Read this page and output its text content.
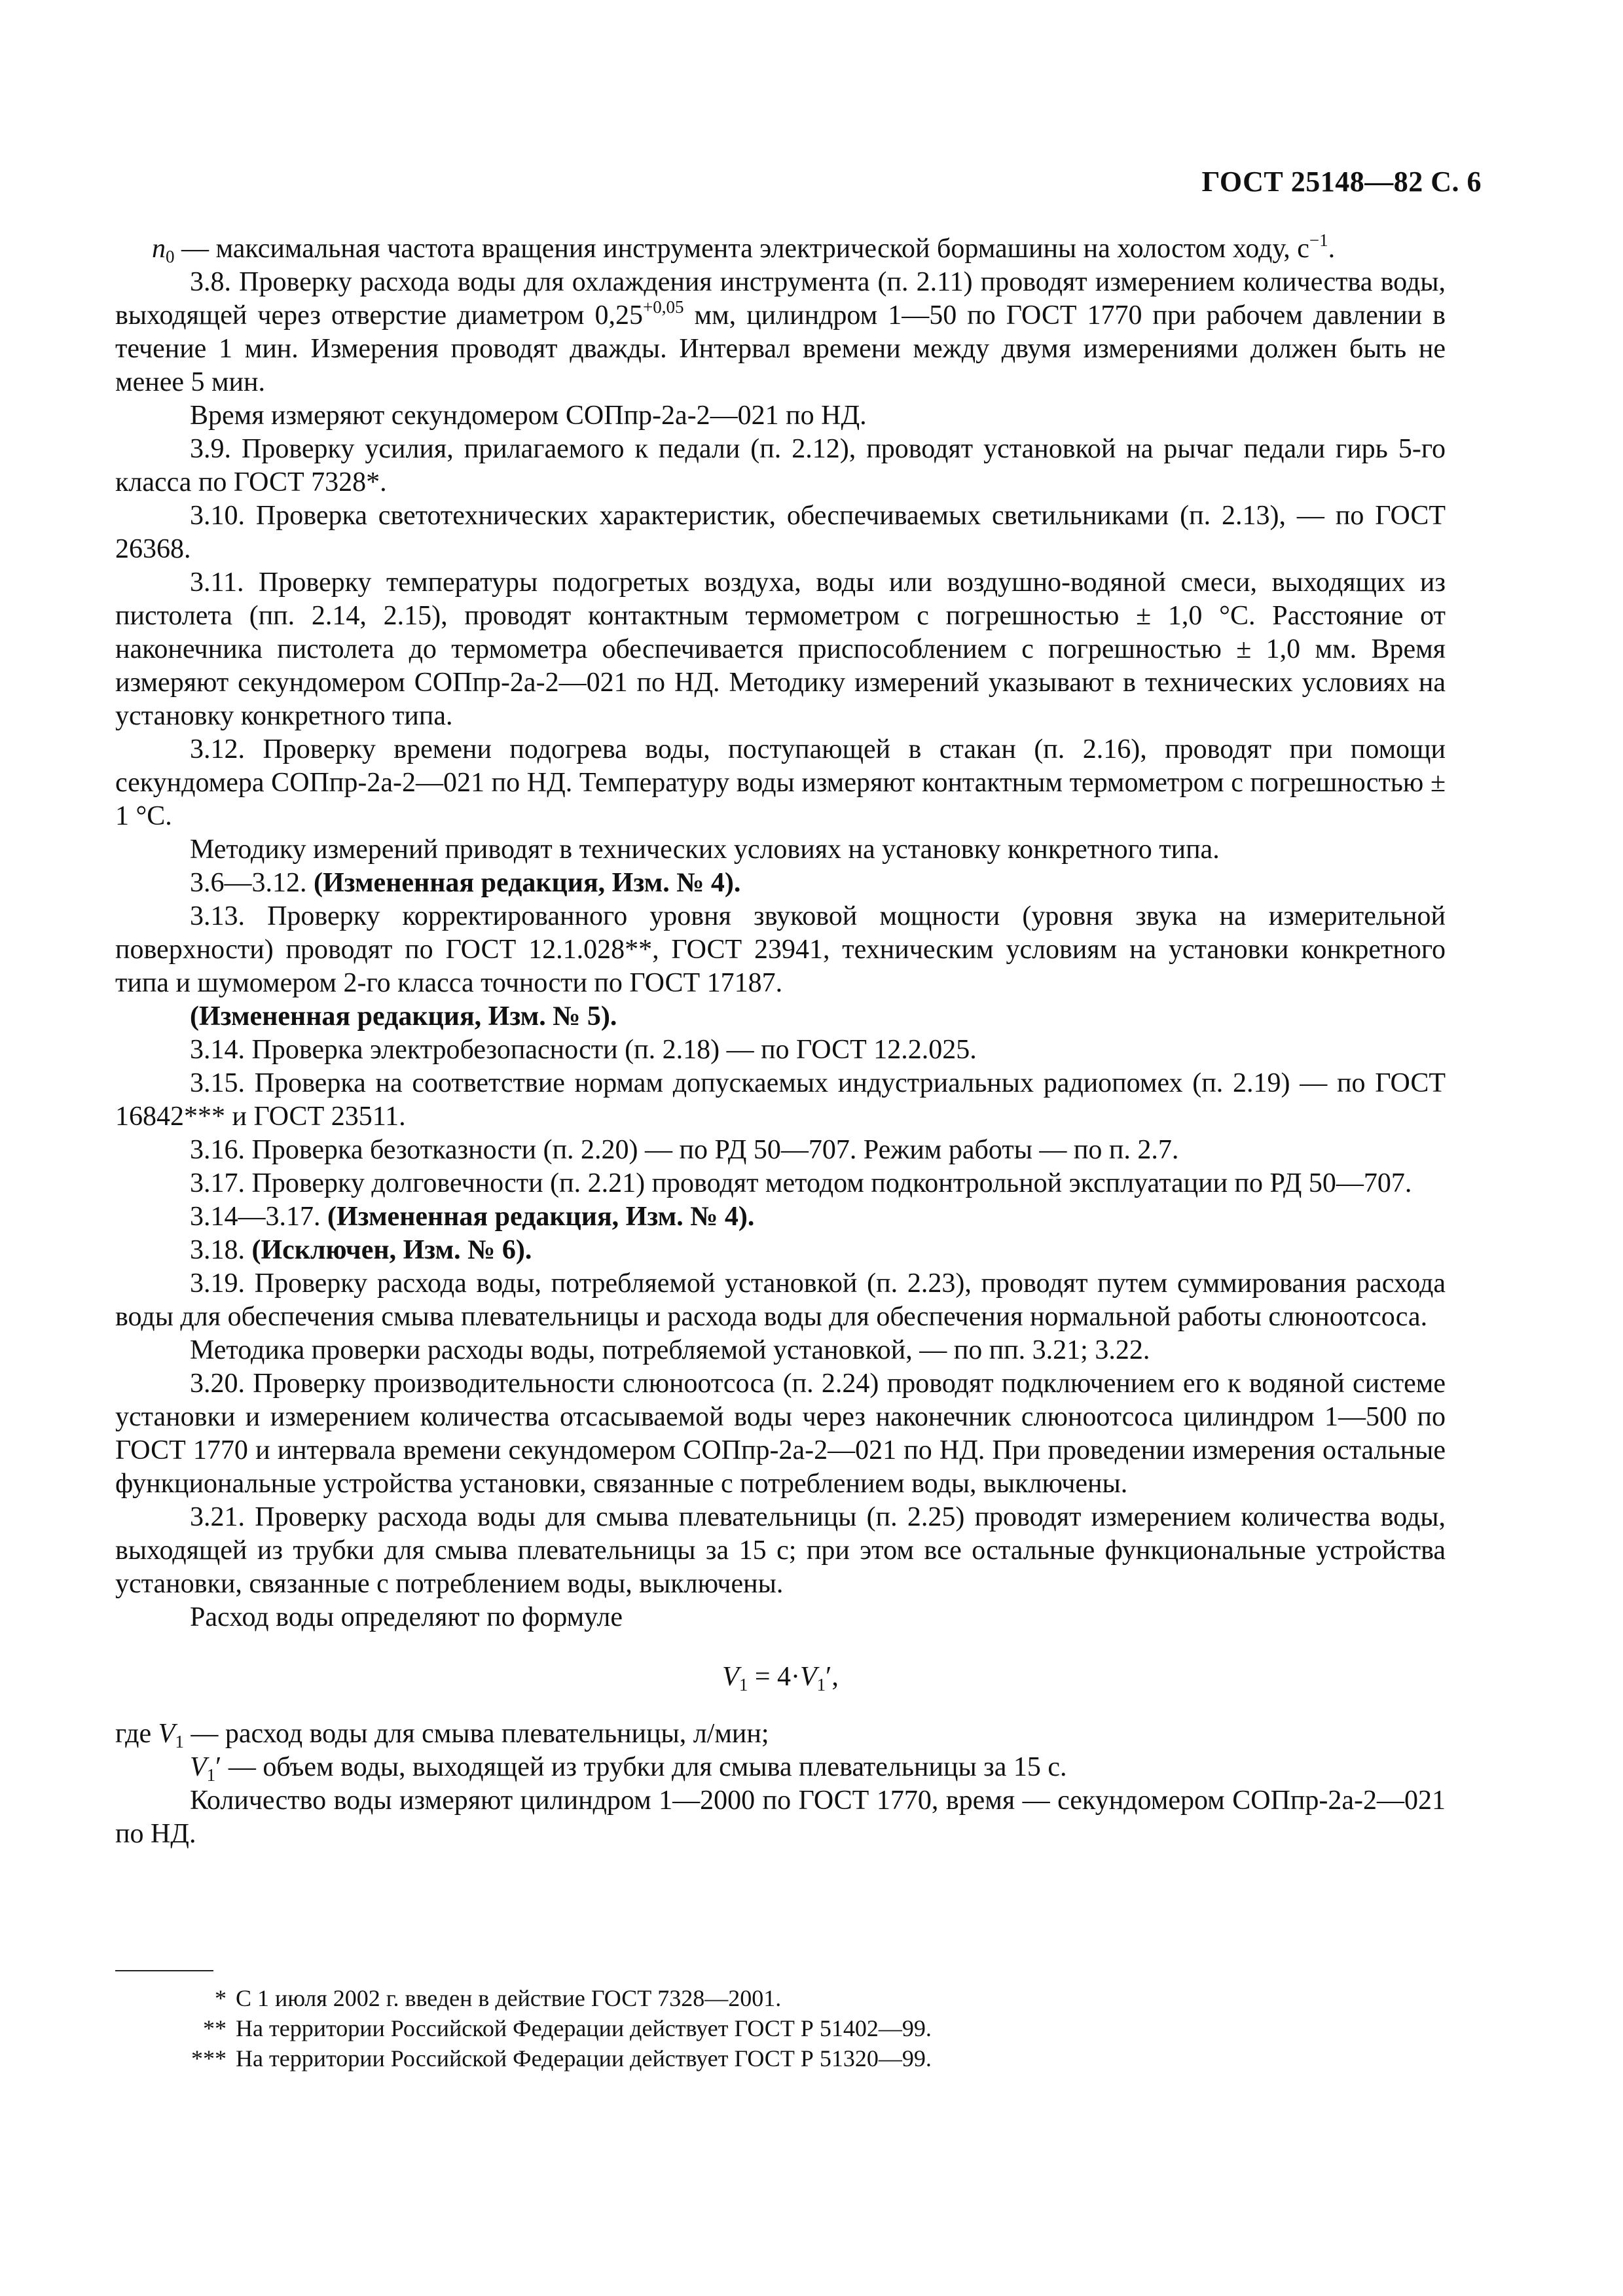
ГОСТ 25148—82 С. 6

$n_0$ — максимальная частота вращения инструмента электрической бормашины на холостом ходу, $с^{-1}$.

3.8. Проверку расхода воды для охлаждения инструмента (п. 2.11) проводят измерением количества воды, выходящей через отверстие диаметром $0,25^{+0,05}$ мм, цилиндром 1—50 по ГОСТ 1770 при рабочем давлении в течение 1 мин. Измерения проводят дважды. Интервал времени между двумя измерениями должен быть не менее 5 мин.

Время измеряют секундомером СОПпр-2а-2—021 по НД.

3.9. Проверку усилия, прилагаемого к педали (п. 2.12), проводят установкой на рычаг педали гирь 5-го класса по ГОСТ 7328*.

3.10. Проверка светотехнических характеристик, обеспечиваемых светильниками (п. 2.13), — по ГОСТ 26368.

3.11. Проверку температуры подогретых воздуха, воды или воздушно-водяной смеси, выходящих из пистолета (пп. 2.14, 2.15), проводят контактным термометром с погрешностью ± 1,0 °С. Расстояние от наконечника пистолета до термометра обеспечивается приспособлением с погрешностью ± 1,0 мм. Время измеряют секундомером СОПпр-2а-2—021 по НД. Методику измерений указывают в технических условиях на установку конкретного типа.

3.12. Проверку времени подогрева воды, поступающей в стакан (п. 2.16), проводят при помощи секундомера СОПпр-2а-2—021 по НД. Температуру воды измеряют контактным термометром с погрешностью ± 1 °С.

Методику измерений приводят в технических условиях на установку конкретного типа.

3.6—3.12. (Измененная редакция, Изм. № 4).

3.13. Проверку корректированного уровня звуковой мощности (уровня звука на измерительной поверхности) проводят по ГОСТ 12.1.028**, ГОСТ 23941, техническим условиям на установки конкретного типа и шумомером 2-го класса точности по ГОСТ 17187.

(Измененная редакция, Изм. № 5).

3.14. Проверка электробезопасности (п. 2.18) — по ГОСТ 12.2.025.

3.15. Проверка на соответствие нормам допускаемых индустриальных радиопомех (п. 2.19) — по ГОСТ 16842*** и ГОСТ 23511.

3.16. Проверка безотказности (п. 2.20) — по РД 50—707. Режим работы — по п. 2.7.

3.17. Проверку долговечности (п. 2.21) проводят методом подконтрольной эксплуатации по РД 50—707.

3.14—3.17. (Измененная редакция, Изм. № 4).

3.18. (Исключен, Изм. № 6).

3.19. Проверку расхода воды, потребляемой установкой (п. 2.23), проводят путем суммирования расхода воды для обеспечения смыва плевательницы и расхода воды для обеспечения нормальной работы слюноотсоса.

Методика проверки расходы воды, потребляемой установкой, — по пп. 3.21; 3.22.

3.20. Проверку производительности слюноотсоса (п. 2.24) проводят подключением его к водяной системе установки и измерением количества отсасываемой воды через наконечник слюноотсоса цилиндром 1—500 по ГОСТ 1770 и интервала времени секундомером СОПпр-2а-2—021 по НД. При проведении измерения остальные функциональные устройства установки, связанные с потреблением воды, выключены.

3.21. Проверку расхода воды для смыва плевательницы (п. 2.25) проводят измерением количества воды, выходящей из трубки для смыва плевательницы за 15 с; при этом все остальные функциональные устройства установки, связанные с потреблением воды, выключены.

Расход воды определяют по формуле

$V_1 = 4\cdot V_1'$,

где $V_1$ — расход воды для смыва плевательницы, л/мин;

$V_1'$ — объем воды, выходящей из трубки для смыва плевательницы за 15 с.

Количество воды измеряют цилиндром 1—2000 по ГОСТ 1770, время — секундомером СОПпр-2а-2—021 по НД.

* С 1 июля 2002 г. введен в действие ГОСТ 7328—2001.

** На территории Российской Федерации действует ГОСТ Р 51402—99.

*** На территории Российской Федерации действует ГОСТ Р 51320—99.
